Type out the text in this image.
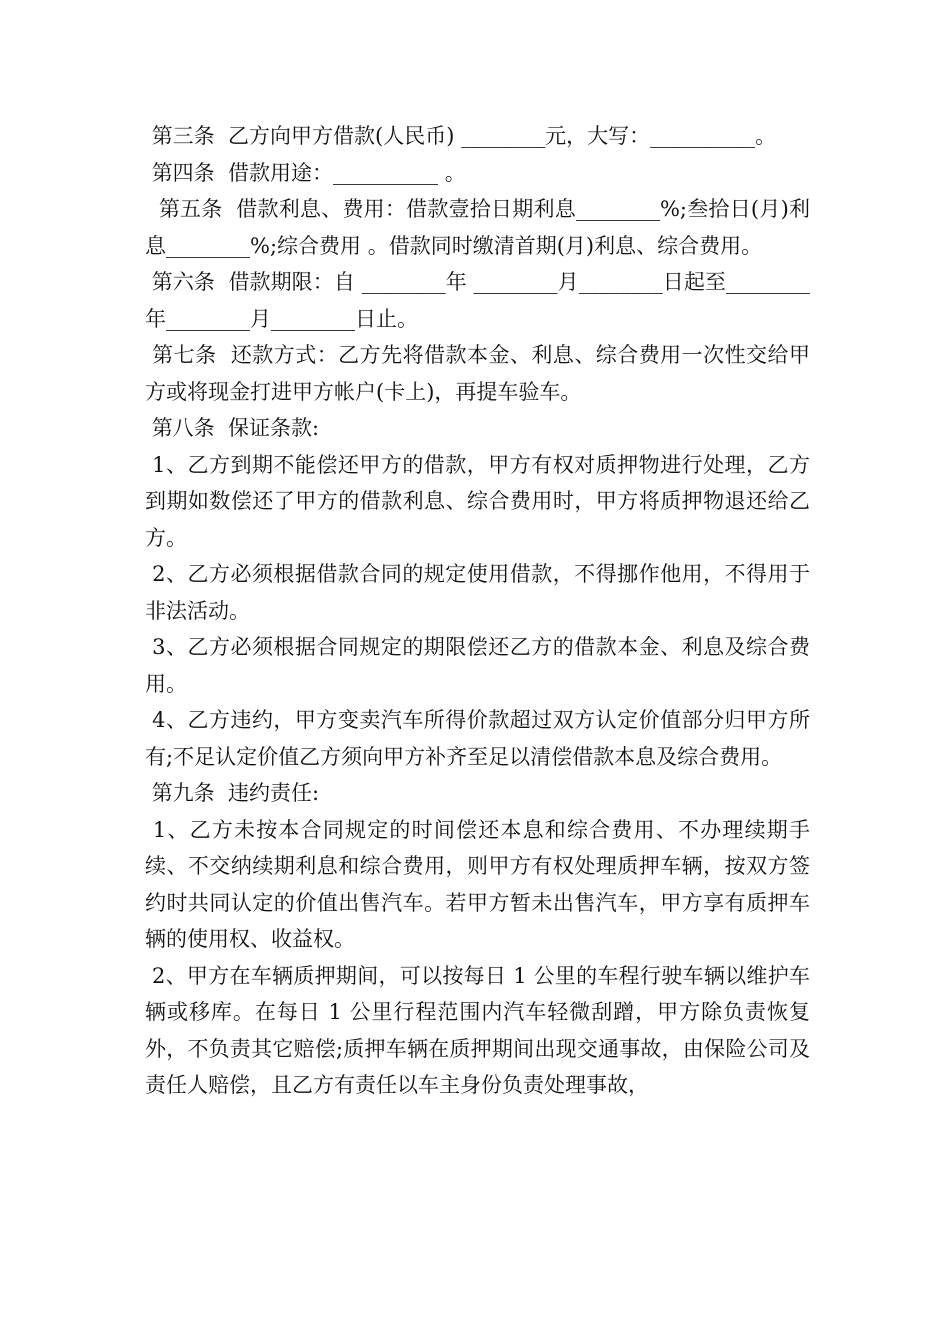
第三条  乙方向甲方借款(人民币) ________元，大写：__________。

第四条  借款用途：__________ 。

第五条  借款利息、费用：借款壹拾日期利息________%;叁拾日(月)利息________%;综合费用 。借款同时缴清首期(月)利息、综合费用。

第六条  借款期限：自 ________年 ________月________日起至________年________月________日止。

第七条  还款方式：乙方先将借款本金、利息、综合费用一次性交给甲方或将现金打进甲方帐户(卡上)，再提车验车。

第八条  保证条款:

1、乙方到期不能偿还甲方的借款，甲方有权对质押物进行处理，乙方到期如数偿还了甲方的借款利息、综合费用时，甲方将质押物退还给乙方。

2、乙方必须根据借款合同的规定使用借款，不得挪作他用，不得用于非法活动。

3、乙方必须根据合同规定的期限偿还乙方的借款本金、利息及综合费用。

4、乙方违约，甲方变卖汽车所得价款超过双方认定价值部分归甲方所有;不足认定价值乙方须向甲方补齐至足以清偿借款本息及综合费用。

第九条  违约责任:

1、乙方未按本合同规定的时间偿还本息和综合费用、不办理续期手续、不交纳续期利息和综合费用，则甲方有权处理质押车辆，按双方签约时共同认定的价值出售汽车。若甲方暂未出售汽车，甲方享有质押车辆的使用权、收益权。

2、甲方在车辆质押期间，可以按每日 1 公里的车程行驶车辆以维护车辆或移库。在每日 1 公里行程范围内汽车轻微刮蹭，甲方除负责恢复外，不负责其它赔偿;质押车辆在质押期间出现交通事故，由保险公司及责任人赔偿，且乙方有责任以车主身份负责处理事故，
